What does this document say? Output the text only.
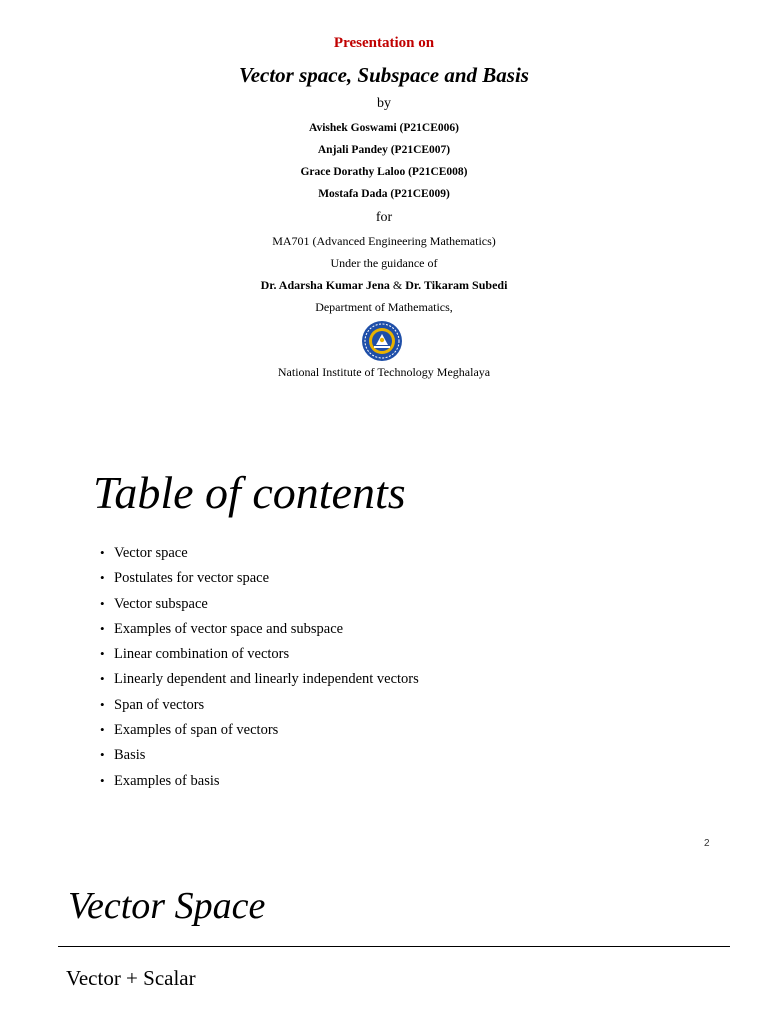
Presentation on
Vector space, Subspace and Basis
by
Avishek Goswami (P21CE006)
Anjali Pandey (P21CE007)
Grace Dorathy Laloo (P21CE008)
Mostafa Dada (P21CE009)
for
MA701 (Advanced Engineering Mathematics)
Under the guidance of
Dr. Adarsha Kumar Jena & Dr. Tikaram Subedi
Department of Mathematics,
National Institute of Technology Meghalaya
Table of contents
• Vector space
• Postulates for vector space
• Vector subspace
• Examples of vector space and subspace
• Linear combination of vectors
• Linearly dependent and linearly independent vectors
• Span of vectors
• Examples of span of vectors
• Basis
• Examples of basis
2
Vector Space
Vector + Scalar
